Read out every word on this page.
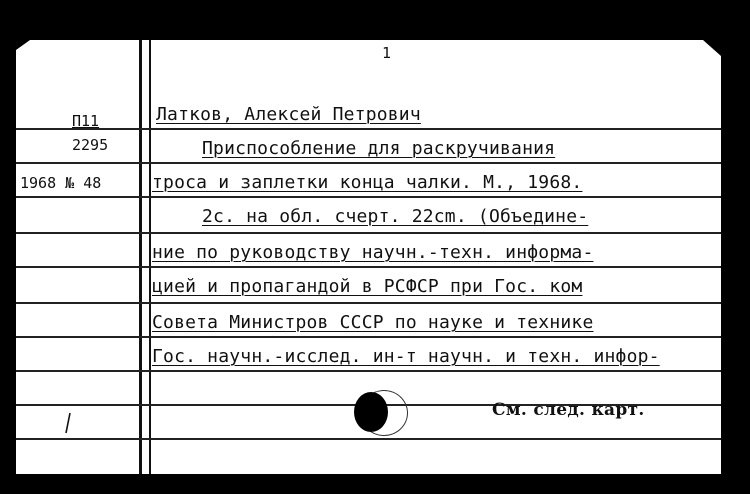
1
П11
2295
1968 № 48
Латков, Алексей Петрович
Приспособление для раскручивания
троса и заплетки конца чалки. М., 1968.
2с. на обл. счерт. 22cm. (Объедине-
ние по руководству научн.-техн. информа-
цией и пропагандой в РСФСР при Гос. ком
Совета Министров СССР по науке и технике
Гос. научн.-исслед. ин-т научн. и техн. инфор-
См. след. карт.
